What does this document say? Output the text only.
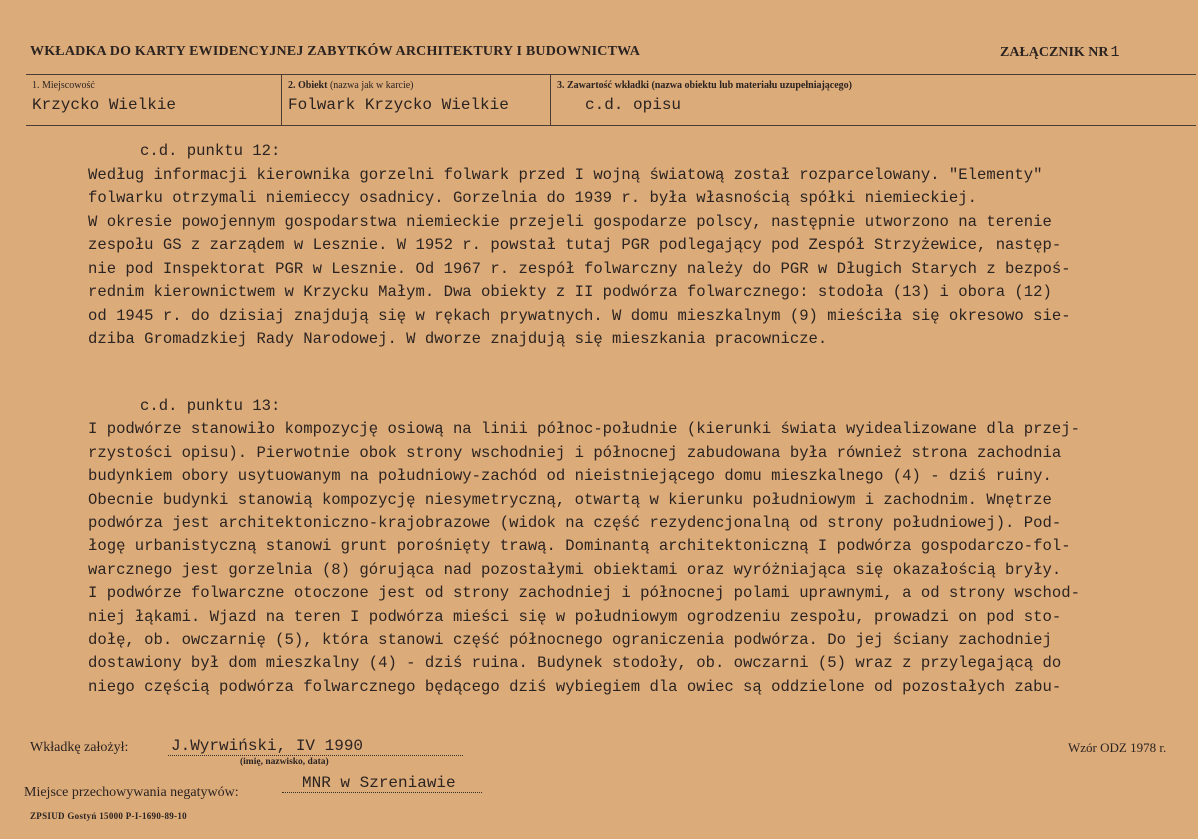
WKŁADKA DO KARTY EWIDENCYJNEJ ZABYTKÓW ARCHITEKTURY I BUDOWNICTWA	ZAŁĄCZNIK NR 1
1. Miejscowość
Krzycko Wielkie
2. Obiekt (nazwa jak w karcie)
Folwark Krzycko Wielkie
3. Zawartość wkładki (nazwa obiektu lub materiału uzupełniającego)
c.d. opisu
c.d. punktu 12:
Według informacji kierownika gorzelni folwark przed I wojną światową został rozparcelowany. "Elementy"
folwarku otrzymali niemieccy osadnicy. Gorzelnia do 1939 r. była własnością spółki niemieckiej.
W okresie powojennym gospodarstwa niemieckie przejeli gospodarze polscy, następnie utworzono na terenie
zespołu GS z zarządem w Lesznie. W 1952 r. powstał tutaj PGR podlegający pod Zespół Strzyżewice, następ-
nie pod Inspektorat PGR w Lesznie. Od 1967 r. zespół folwarczny należy do PGR w Długich Starych z bezpoś-
rednim kierownictwem w Krzycku Małym. Dwa obiekty z II podwórza folwarcznego: stodoła (13) i obora (12)
od 1945 r. do dzisiaj znajdują się w rękach prywatnych. W domu mieszkalnym (9) mieściła się okresowo sie-
dziba Gromadzkiej Rady Narodowej. W dworze znajdują się mieszkania pracownicze.
c.d. punktu 13:
I podwórze stanowiło kompozycję osiową na linii północ-południe (kierunki świata wyidealizowane dla przej-
rzystości opisu). Pierwotnie obok strony wschodniej i północnej zabudowana była również strona zachodnia
budynkiem obory usytuowanym na południowy-zachód od nieistniejącego domu mieszkalnego (4) - dziś ruiny.
Obecnie budynki stanowią kompozycję niesymetryczną, otwartą w kierunku południowym i zachodnim. Wnętrze
podwórza jest architektoniczno-krajobrazowe (widok na część rezydencjonalną od strony południowej). Pod-
łogę urbanistyczną stanowi grunt porośnięty trawą. Dominantą architektoniczną I podwórza gospodarczo-fol-
warcznego jest gorzelnia (8) górująca nad pozostałymi obiektami oraz wyróżniająca się okazałością bryły.
I podwórze folwarczne otoczone jest od strony zachodniej i północnej polami uprawnymi, a od strony wschod-
niej łąkami. Wjazd na teren I podwórza mieści się w południowym ogrodzeniu zespołu, prowadzi on pod sto-
dołę, ob. owczarnię (5), która stanowi część północnego ograniczenia podwórza. Do jej ściany zachodniej
dostawiony był dom mieszkalny (4) - dziś ruina. Budynek stodoły, ob. owczarni (5) wraz z przylegającą do
niego częścią podwórza folwarcznego będącego dziś wybiegiem dla owiec są oddzielone od pozostałych zabu-
Wkładkę założył:	J.Wyrwiński, IV 1990
(imię, nazwisko, data)
Wzór ODZ 1978 r.
Miejsce przechowywania negatywów:
MNR w Szreniawie
ZPSIUD Gostyń 15000 P-I-1690-89-10
